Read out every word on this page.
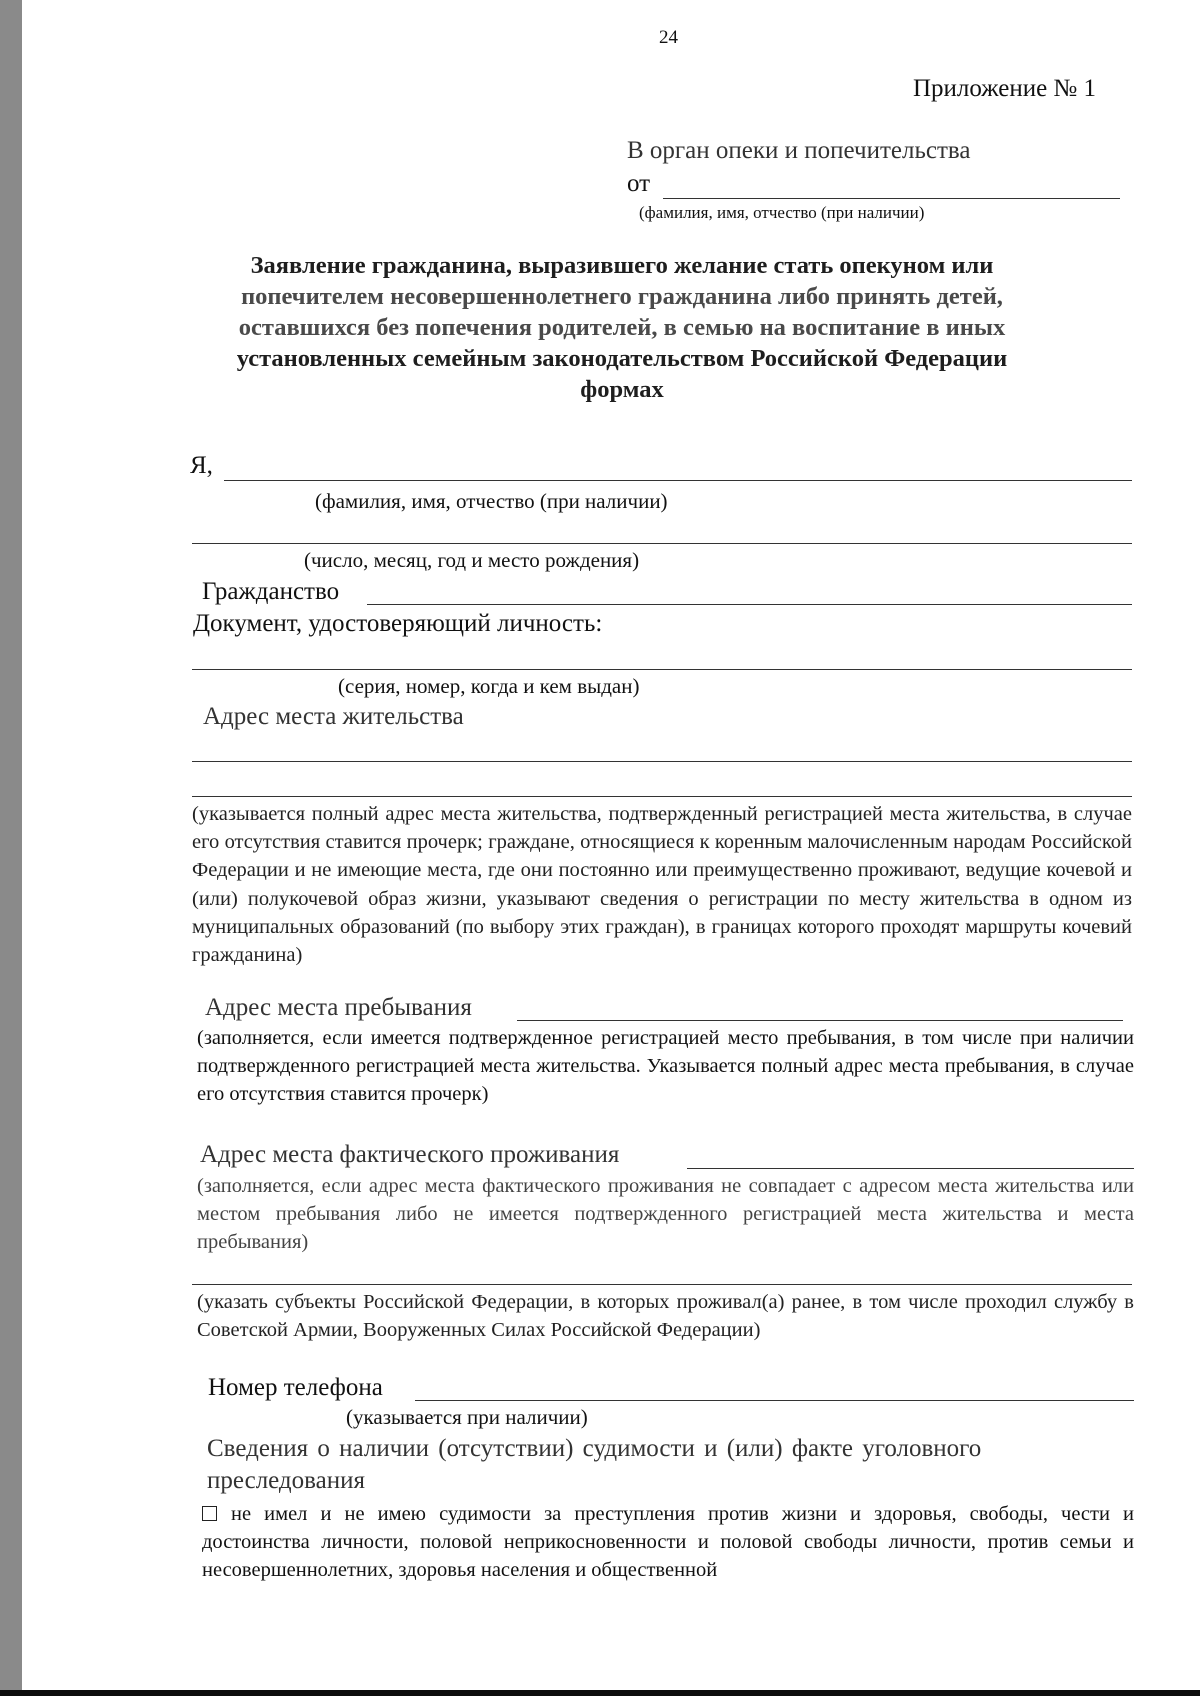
24
Приложение № 1
В орган опеки и попечительства
от
(фамилия, имя, отчество (при наличии)
Заявление гражданина, выразившего желание стать опекуном или
попечителем несовершеннолетнего гражданина либо принять детей,
оставшихся без попечения родителей, в семью на воспитание в иных
установленных семейным законодательством Российской Федерации
формах
Я,
(фамилия, имя, отчество (при наличии)
(число, месяц, год и место рождения)
Гражданство
Документ, удостоверяющий личность:
(серия, номер, когда и кем выдан)
Адрес места жительства
(указывается полный адрес места жительства, подтвержденный регистрацией места жительства, в случае его отсутствия ставится прочерк; граждане, относящиеся к коренным малочисленным народам Российской Федерации и не имеющие места, где они постоянно или преимущественно проживают, ведущие кочевой и (или) полукочевой образ жизни, указывают сведения о регистрации по месту жительства в одном из муниципальных образований (по выбору этих граждан), в границах которого проходят маршруты кочевий гражданина)
Адрес места пребывания
(заполняется, если имеется подтвержденное регистрацией место пребывания, в том числе при наличии подтвержденного регистрацией места жительства. Указывается полный адрес места пребывания, в случае его отсутствия ставится прочерк)
Адрес места фактического проживания
(заполняется, если адрес места фактического проживания не совпадает с адресом места жительства или местом пребывания либо не имеется подтвержденного регистрацией места жительства и места пребывания)
(указать субъекты Российской Федерации, в которых проживал(а) ранее, в том числе проходил службу в Советской Армии, Вооруженных Силах Российской Федерации)
Номер телефона
(указывается при наличии)
Сведения о наличии (отсутствии) судимости и (или) факте уголовного
преследования
не имел и не имею судимости за преступления против жизни и здоровья, свободы, чести и достоинства личности, половой неприкосновенности и половой свободы личности, против семьи и несовершеннолетних, здоровья населения и общественной
